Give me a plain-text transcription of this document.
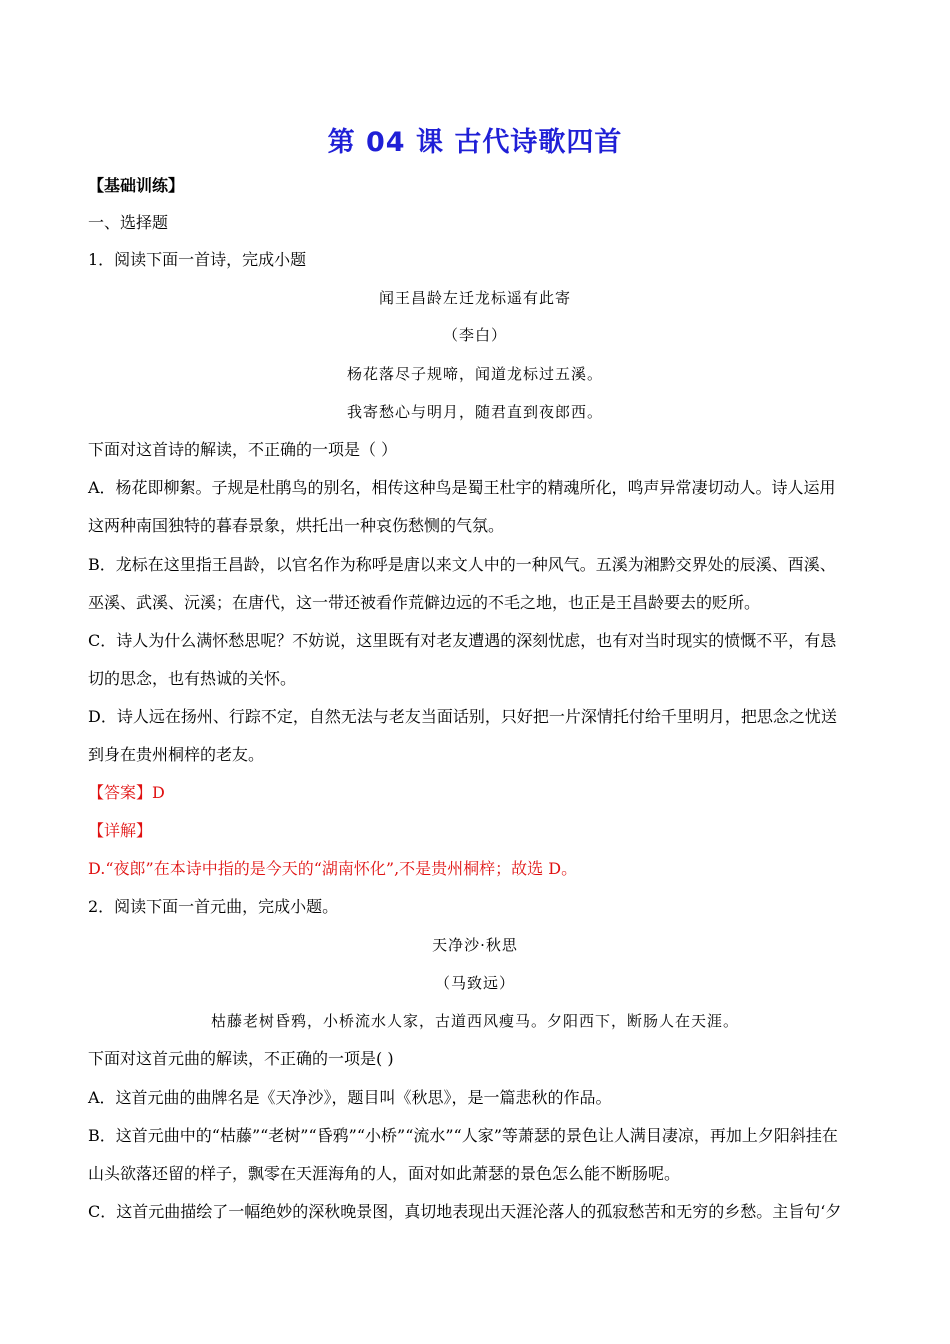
第 04 课 古代诗歌四首
【基础训练】
一、选择题
1．阅读下面一首诗，完成小题
闻王昌龄左迁龙标遥有此寄
（李白）
杨花落尽子规啼，闻道龙标过五溪。
我寄愁心与明月，随君直到夜郎西。
下面对这首诗的解读，不正确的一项是（ ）
A．杨花即柳絮。子规是杜鹃鸟的别名，相传这种鸟是蜀王杜宇的精魂所化，鸣声异常凄切动人。诗人运用
这两种南国独特的暮春景象，烘托出一种哀伤愁恻的气氛。
B．龙标在这里指王昌龄，以官名作为称呼是唐以来文人中的一种风气。五溪为湘黔交界处的辰溪、酉溪、
巫溪、武溪、沅溪；在唐代，这一带还被看作荒僻边远的不毛之地，也正是王昌龄要去的贬所。
C．诗人为什么满怀愁思呢？不妨说，这里既有对老友遭遇的深刻忧虑，也有对当时现实的愤慨不平，有恳
切的思念，也有热诚的关怀。
D．诗人远在扬州、行踪不定，自然无法与老友当面话别，只好把一片深情托付给千里明月，把思念之忧送
到身在贵州桐梓的老友。
【答案】D
【详解】
D.“夜郎”在本诗中指的是今天的“湖南怀化”,不是贵州桐梓；故选 D。
2．阅读下面一首元曲，完成小题。
天净沙·秋思
（马致远）
枯藤老树昏鸦，小桥流水人家，古道西风瘦马。夕阳西下，断肠人在天涯。
下面对这首元曲的解读，不正确的一项是( )
A．这首元曲的曲牌名是《天净沙》，题目叫《秋思》，是一篇悲秋的作品。
B．这首元曲中的“枯藤”“老树”“昏鸦”“小桥”“流水”“人家”等萧瑟的景色让人满目凄凉，再加上夕阳斜挂在
山头欲落还留的样子，飘零在天涯海角的人，面对如此萧瑟的景色怎么能不断肠呢。
C．这首元曲描绘了一幅绝妙的深秋晚景图，真切地表现出天涯沦落人的孤寂愁苦和无穷的乡愁。主旨句‘夕
